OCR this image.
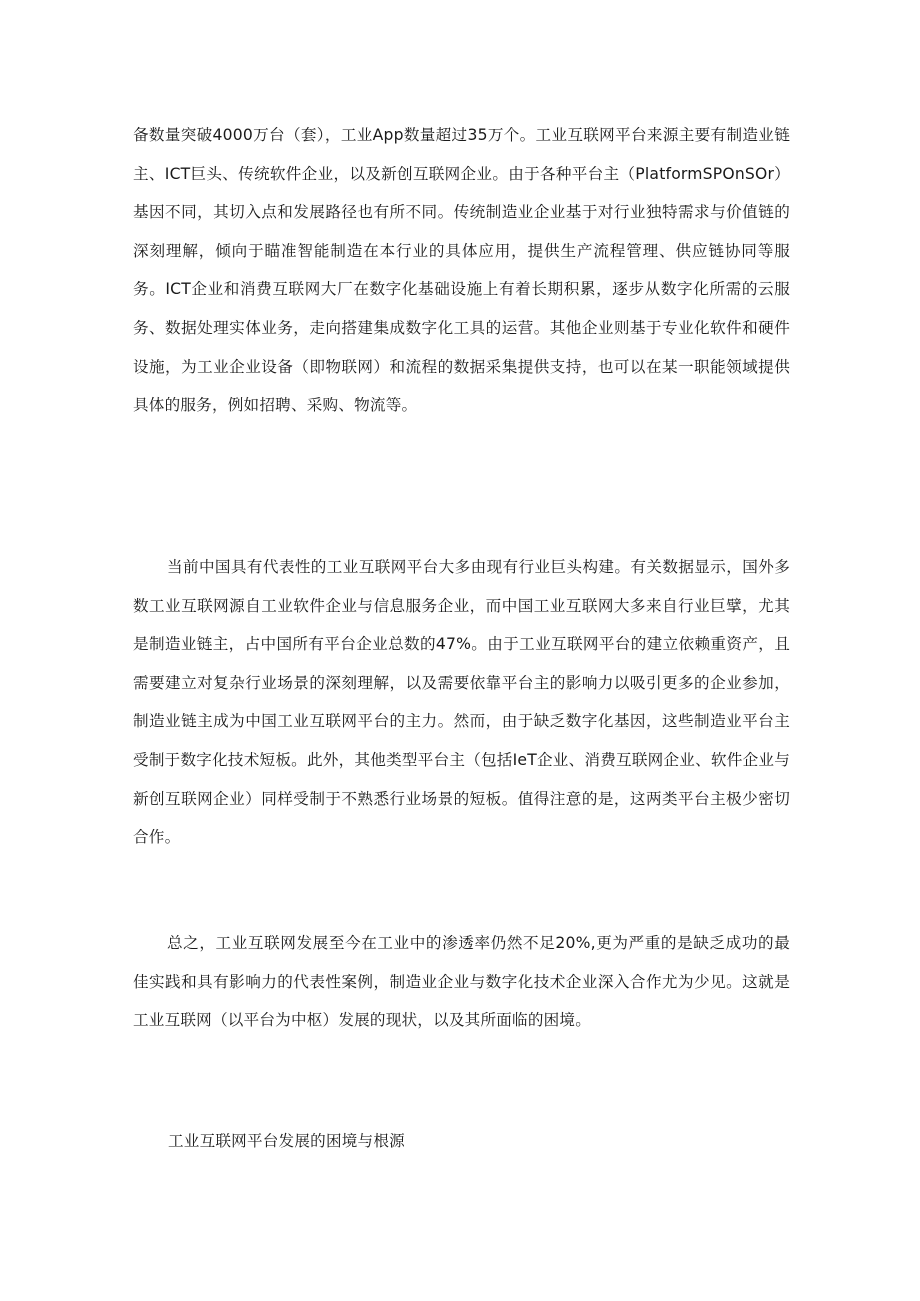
备数量突破4000万台（套），工业App数量超过35万个。工业互联网平台来源主要有制造业链主、ICT巨头、传统软件企业，以及新创互联网企业。由于各种平台主（PlatformSPOnSOr）基因不同，其切入点和发展路径也有所不同。传统制造业企业基于对行业独特需求与价值链的深刻理解，倾向于瞄准智能制造在本行业的具体应用，提供生产流程管理、供应链协同等服务。ICT企业和消费互联网大厂在数字化基础设施上有着长期积累，逐步从数字化所需的云服务、数据处理实体业务，走向搭建集成数字化工具的运营。其他企业则基于专业化软件和硬件设施，为工业企业设备（即物联网）和流程的数据采集提供支持，也可以在某一职能领域提供具体的服务，例如招聘、采购、物流等。

当前中国具有代表性的工业互联网平台大多由现有行业巨头构建。有关数据显示，国外多数工业互联网源自工业软件企业与信息服务企业，而中国工业互联网大多来自行业巨擘，尤其是制造业链主，占中国所有平台企业总数的47%。由于工业互联网平台的建立依赖重资产，且需要建立对复杂行业场景的深刻理解，以及需要依靠平台主的影响力以吸引更多的企业参加，制造业链主成为中国工业互联网平台的主力。然而，由于缺乏数字化基因，这些制造业平台主受制于数字化技术短板。此外，其他类型平台主（包括IeT企业、消费互联网企业、软件企业与新创互联网企业）同样受制于不熟悉行业场景的短板。值得注意的是，这两类平台主极少密切合作。

总之，工业互联网发展至今在工业中的渗透率仍然不足20%,更为严重的是缺乏成功的最佳实践和具有影响力的代表性案例，制造业企业与数字化技术企业深入合作尤为少见。这就是工业互联网（以平台为中枢）发展的现状，以及其所面临的困境。

工业互联网平台发展的困境与根源
